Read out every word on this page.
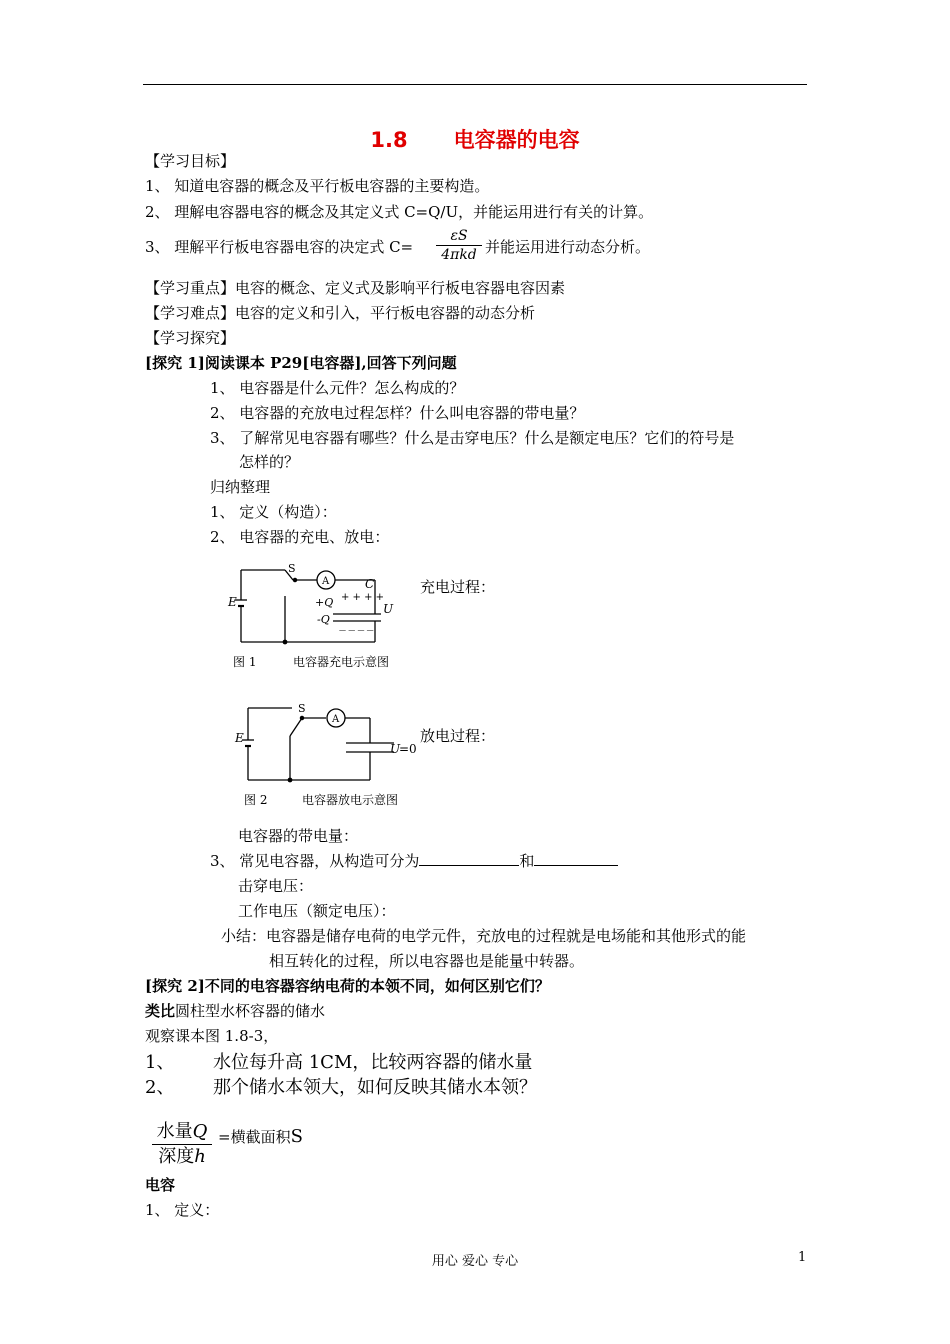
1.8 电容器的电容
【学习目标】
1、 知道电容器的概念及平行板电容器的主要构造。
2、 理解电容器电容的概念及其定义式 C=Q/U，并能运用进行有关的计算。
3、 理解平行板电容器电容的决定式 C=
εS
4πkd 并能运用进行动态分析。
【学习重点】电容的概念、定义式及影响平行板电容器电容因素
【学习难点】电容的定义和引入，平行板电容器的动态分析
【学习探究】
[探究 1]阅读课本 P29[电容器],回答下列问题
1、 电容器是什么元件？怎么构成的？
2、 电容器的充放电过程怎样？什么叫电容器的带电量？
3、 了解常见电容器有哪些？什么是击穿电压？什么是额定电压？它们的符号是
怎样的？
归纳整理
1、 定义（构造）：
2、 电容器的充电、放电：
E
S
A	C
+Q + + + +
U
-Q
— — — —
图 1	电容器充电示意图
充电过程：
E
S
A
U
=0
图 2	电容器放电示意图
放电过程：
电容器的带电量：
3、 常见电容器，从构造可分为	和
击穿电压：
工作电压（额定电压）：
小结：电容器是储存电荷的电学元件，充放电的过程就是电场能和其他形式的能
相互转化的过程，所以电容器也是能量中转器。
[探究 2]不同的电容器容纳电荷的本领不同，如何区别它们？
类比圆柱型水杯容器的储水
观察课本图 1.8-3，
1、 水位每升高 1CM，比较两容器的储水量
2、 那个储水本领大，如何反映其储水本领？
水量Q
深度h
=横截面积S
电容
1、 定义：
用心 爱心 专心	1
